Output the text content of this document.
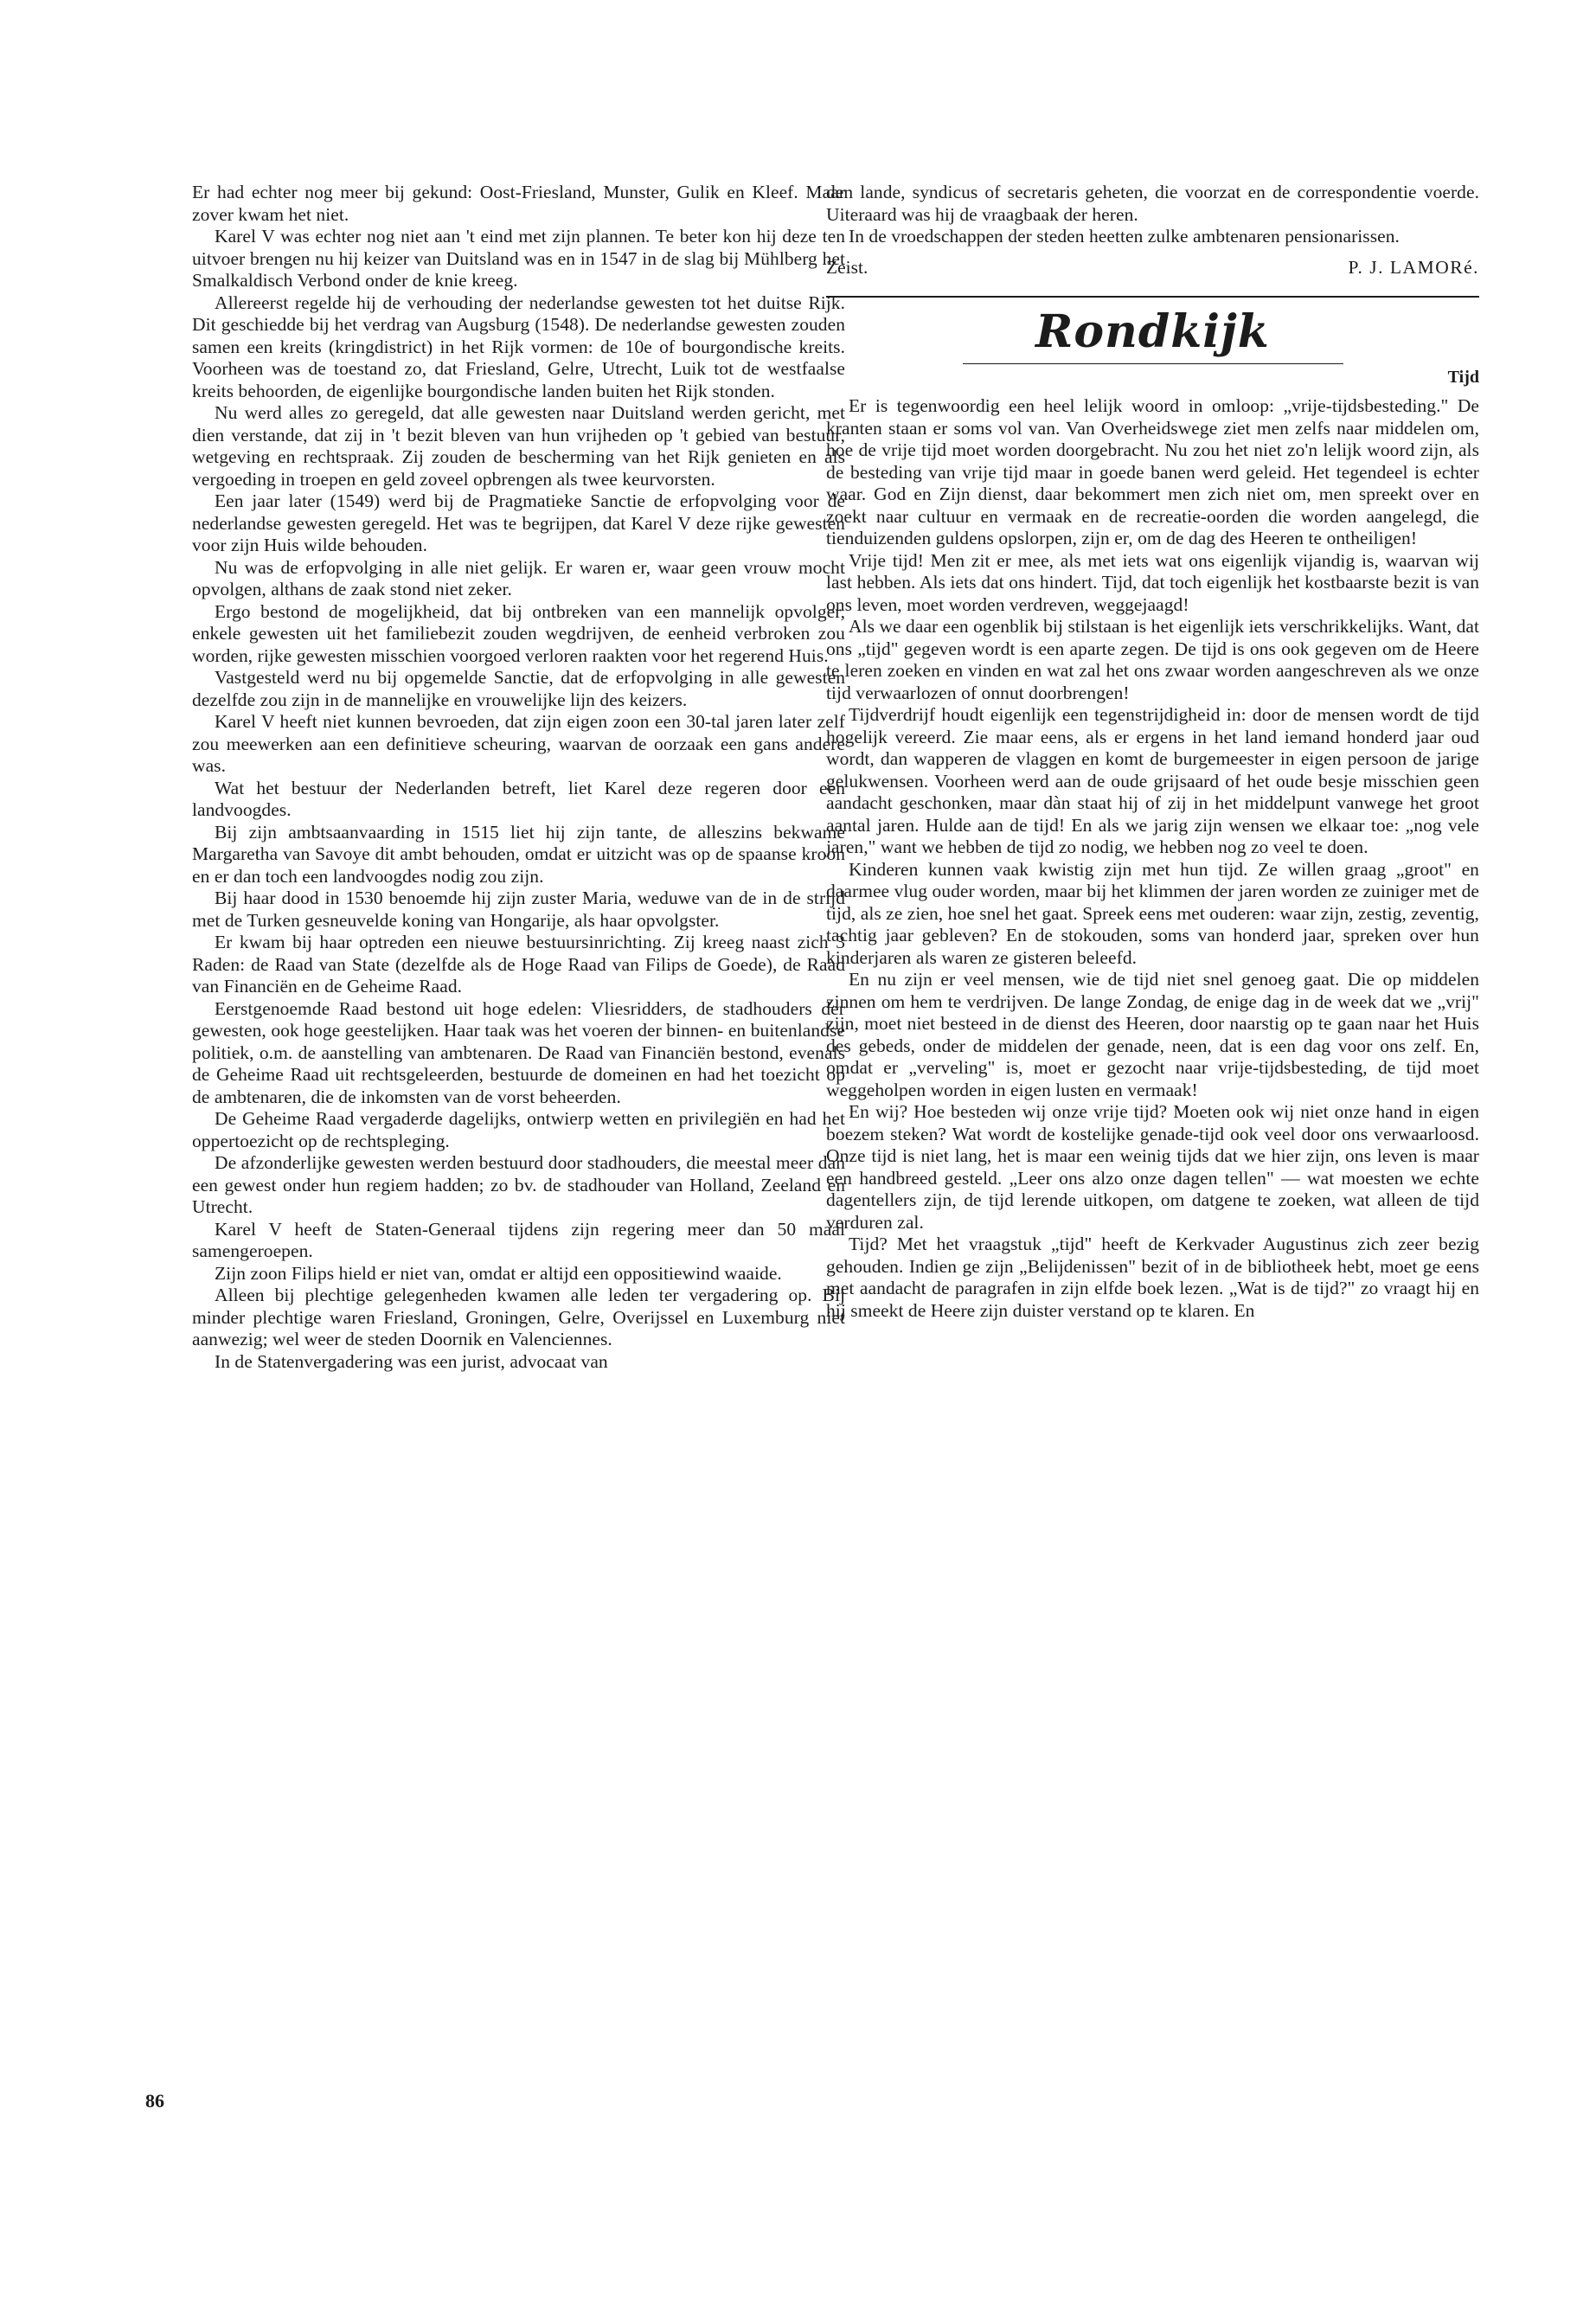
Er had echter nog meer bij gekund: Oost-Friesland, Munster, Gulik en Kleef. Maar zover kwam het niet.

Karel V was echter nog niet aan 't eind met zijn plannen. Te beter kon hij deze ten uitvoer brengen nu hij keizer van Duitsland was en in 1547 in de slag bij Mühlberg het Smalkaldisch Verbond onder de knie kreeg.

Allereerst regelde hij de verhouding der nederlandse gewesten tot het duitse Rijk. Dit geschiedde bij het verdrag van Augsburg (1548). De nederlandse gewesten zouden samen een kreits (kringdistrict) in het Rijk vormen: de 10e of bourgondische kreits. Voorheen was de toestand zo, dat Friesland, Gelre, Utrecht, Luik tot de westfaalse kreits behoorden, de eigenlijke bourgondische landen buiten het Rijk stonden.

Nu werd alles zo geregeld, dat alle gewesten naar Duitsland werden gericht, met dien verstande, dat zij in 't bezit bleven van hun vrijheden op 't gebied van bestuur, wetgeving en rechtspraak. Zij zouden de bescherming van het Rijk genieten en als vergoeding in troepen en geld zoveel opbrengen als twee keurvorsten.

Een jaar later (1549) werd bij de Pragmatieke Sanctie de erfopvolging voor de nederlandse gewesten geregeld. Het was te begrijpen, dat Karel V deze rijke gewesten voor zijn Huis wilde behouden.

Nu was de erfopvolging in alle niet gelijk. Er waren er, waar geen vrouw mocht opvolgen, althans de zaak stond niet zeker.

Ergo bestond de mogelijkheid, dat bij ontbreken van een mannelijk opvolger, enkele gewesten uit het familiebezit zouden wegdrijven, de eenheid verbroken zou worden, rijke gewesten misschien voorgoed verloren raakten voor het regerend Huis.

Vastgesteld werd nu bij opgemelde Sanctie, dat de erfopvolging in alle gewesten dezelfde zou zijn in de mannelijke en vrouwelijke lijn des keizers.

Karel V heeft niet kunnen bevroeden, dat zijn eigen zoon een 30-tal jaren later zelf zou meewerken aan een definitieve scheuring, waarvan de oorzaak een gans andere was.

Wat het bestuur der Nederlanden betreft, liet Karel deze regeren door een landvoogdes.

Bij zijn ambtsaanvaarding in 1515 liet hij zijn tante, de alleszins bekwame Margaretha van Savoye dit ambt behouden, omdat er uitzicht was op de spaanse kroon en er dan toch een landvoogdes nodig zou zijn.

Bij haar dood in 1530 benoemde hij zijn zuster Maria, weduwe van de in de strijd met de Turken gesneuvelde koning van Hongarije, als haar opvolgster.

Er kwam bij haar optreden een nieuwe bestuursinrichting. Zij kreeg naast zich 3 Raden: de Raad van State (dezelfde als de Hoge Raad van Filips de Goede), de Raad van Financiën en de Geheime Raad.

Eerstgenoemde Raad bestond uit hoge edelen: Vliesridders, de stadhouders der gewesten, ook hoge geestelijken. Haar taak was het voeren der binnen- en buitenlandse politiek, o.m. de aanstelling van ambtenaren. De Raad van Financiën bestond, evenals de Geheime Raad uit rechtsgeleerden, bestuurde de domeinen en had het toezicht op de ambtenaren, die de inkomsten van de vorst beheerden.

De Geheime Raad vergaderde dagelijks, ontwierp wetten en privilegiën en had het oppertoezicht op de rechtspleging.

De afzonderlijke gewesten werden bestuurd door stadhouders, die meestal meer dan een gewest onder hun regiem hadden; zo bv. de stadhouder van Holland, Zeeland en Utrecht.

Karel V heeft de Staten-Generaal tijdens zijn regering meer dan 50 maal samengeroepen.

Zijn zoon Filips hield er niet van, omdat er altijd een oppositiewind waaide.

Alleen bij plechtige gelegenheden kwamen alle leden ter vergadering op. Bij minder plechtige waren Friesland, Groningen, Gelre, Overijssel en Luxemburg niet aanwezig; wel weer de steden Doornik en Valenciennes.

In de Statenvergadering was een jurist, advocaat van

den lande, syndicus of secretaris geheten, die voorzat en de correspondentie voerde. Uiteraard was hij de vraagbaak der heren.

In de vroedschappen der steden heetten zulke ambtenaren pensionarissen.

Zeist.	P. J. LAMORé.
Rondkijk
Tijd

Er is tegenwoordig een heel lelijk woord in omloop: „vrije-tijdsbesteding." De kranten staan er soms vol van. Van Overheidswege ziet men zelfs naar middelen om, hoe de vrije tijd moet worden doorgebracht. Nu zou het niet zo'n lelijk woord zijn, als de besteding van vrije tijd maar in goede banen werd geleid. Het tegendeel is echter waar. God en Zijn dienst, daar bekommert men zich niet om, men spreekt over en zoekt naar cultuur en vermaak en de recreatie-oorden die worden aangelegd, die tienduizenden guldens opslorpen, zijn er, om de dag des Heeren te ontheiligen!

Vrije tijd! Men zit er mee, als met iets wat ons eigenlijk vijandig is, waarvan wij last hebben. Als iets dat ons hindert. Tijd, dat toch eigenlijk het kostbaarste bezit is van ons leven, moet worden verdreven, weggejaagd!

Als we daar een ogenblik bij stilstaan is het eigenlijk iets verschrikkelijks. Want, dat ons „tijd" gegeven wordt is een aparte zegen. De tijd is ons ook gegeven om de Heere te leren zoeken en vinden en wat zal het ons zwaar worden aangeschreven als we onze tijd verwaarlozen of onnut doorbrengen!

Tijdverdrijf houdt eigenlijk een tegenstrijdigheid in: door de mensen wordt de tijd hogelijk vereerd. Zie maar eens, als er ergens in het land iemand honderd jaar oud wordt, dan wapperen de vlaggen en komt de burgemeester in eigen persoon de jarige gelukwensen. Voorheen werd aan de oude grijsaard of het oude besje misschien geen aandacht geschonken, maar dàn staat hij of zij in het middelpunt vanwege het groot aantal jaren. Hulde aan de tijd! En als we jarig zijn wensen we elkaar toe: „nog vele jaren," want we hebben de tijd zo nodig, we hebben nog zo veel te doen.

Kinderen kunnen vaak kwistig zijn met hun tijd. Ze willen graag „groot" en daarmee vlug ouder worden, maar bij het klimmen der jaren worden ze zuiniger met de tijd, als ze zien, hoe snel het gaat. Spreek eens met ouderen: waar zijn, zestig, zeventig, tachtig jaar gebleven? En de stokouden, soms van honderd jaar, spreken over hun kinderjaren als waren ze gisteren beleefd.

En nu zijn er veel mensen, wie de tijd niet snel genoeg gaat. Die op middelen zinnen om hem te verdrijven. De lange Zondag, de enige dag in de week dat we „vrij" zijn, moet niet besteed in de dienst des Heeren, door naarstig op te gaan naar het Huis des gebeds, onder de middelen der genade, neen, dat is een dag voor ons zelf. En, omdat er „verveling" is, moet er gezocht naar vrije-tijdsbesteding, de tijd moet weggeholpen worden in eigen lusten en vermaak!

En wij? Hoe besteden wij onze vrije tijd? Moeten ook wij niet onze hand in eigen boezem steken? Wat wordt de kostelijke genade-tijd ook veel door ons verwaarloosd. Onze tijd is niet lang, het is maar een weinig tijds dat we hier zijn, ons leven is maar een handbreed gesteld. „Leer ons alzo onze dagen tellen" — wat moesten we echte dagentellers zijn, de tijd lerende uitkopen, om datgene te zoeken, wat alleen de tijd verduren zal.

Tijd? Met het vraagstuk „tijd" heeft de Kerkvader Augustinus zich zeer bezig gehouden. Indien ge zijn „Belijdenissen" bezit of in de bibliotheek hebt, moet ge eens met aandacht de paragrafen in zijn elfde boek lezen. „Wat is de tijd?" zo vraagt hij en hij smeekt de Heere zijn duister verstand op te klaren. En

86
